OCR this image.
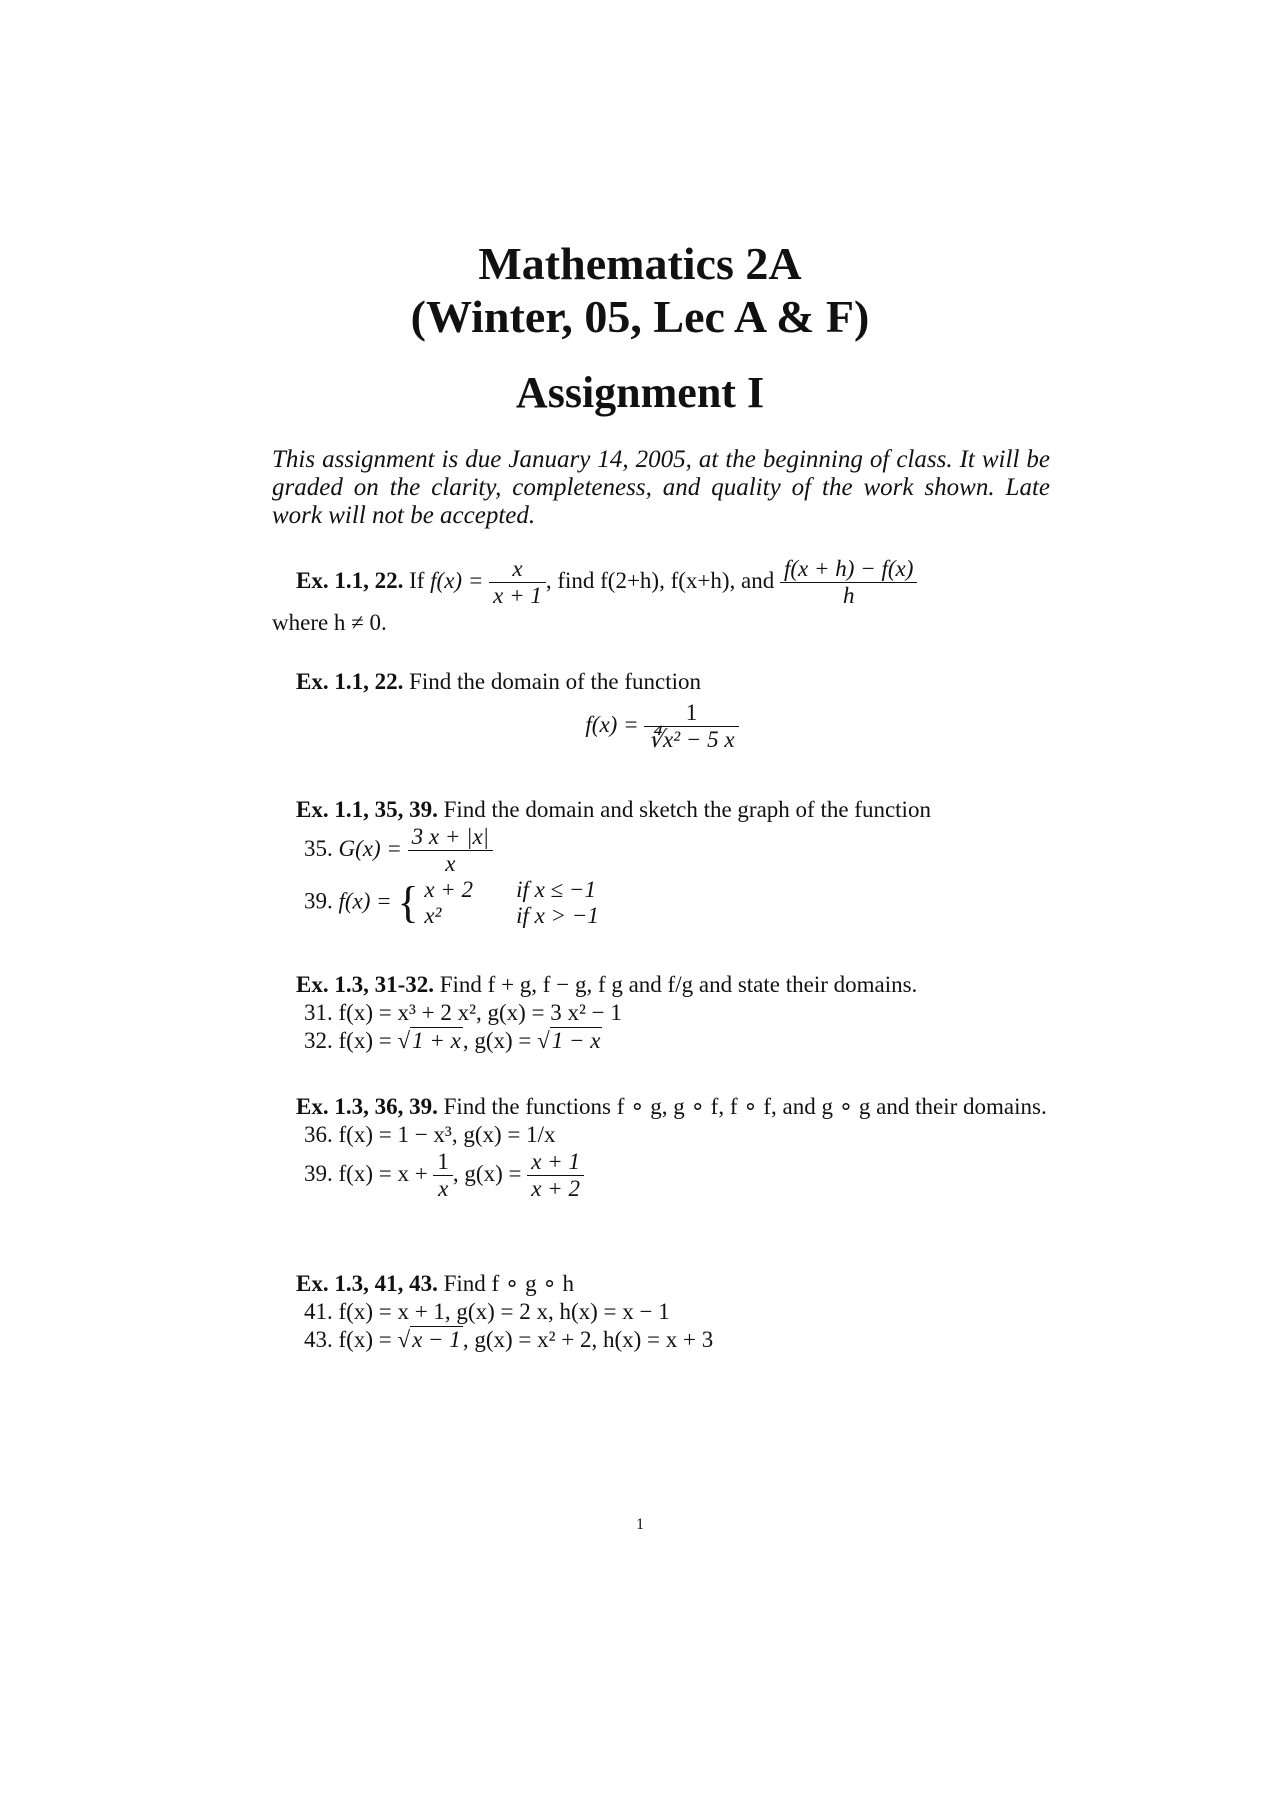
Mathematics 2A
(Winter, 05, Lec A & F)
Assignment I
This assignment is due January 14, 2005, at the beginning of class. It will be graded on the clarity, completeness, and quality of the work shown. Late work will not be accepted.
Ex. 1.1, 22. If $f(x) = \frac{x}{x + 1}$ , find f(2+h), f(x+h), and $\frac{f(x + h) - f(x)}{h}$
where h ≠ 0.
Ex. 1.1, 22. Find the domain of the function
$f(x) = \frac{1}{\text{∜x² − 5 x}}$
Ex. 1.1, 35, 39. Find the domain and sketch the graph of the function
35. $G(x) = \frac{3 x + |x|}{x}$
39. f(x) = { x + 2 if x ≤ −1
x²	if x > −1
Ex. 1.3, 31-32. Find f + g, f − g, f g and f/g and state their domains.
31. f(x) = x³ + 2 x², g(x) = 3 x² − 1
32. f(x) = √1 + x, g(x) = √1 − x
Ex. 1.3, 36, 39. Find the functions f ∘ g, g ∘ f, f ∘ f, and g ∘ g and their domains.
36. f(x) = 1 − x³, g(x) = 1/x
39. $f(x) = x + \frac{1}{x}$ , $g(x) = \frac{x + 1}{x + 2}$
Ex. 1.3, 41, 43. Find f ∘ g ∘ h
41. f(x) = x + 1, g(x) = 2 x, h(x) = x − 1
43. f(x) = √x − 1, g(x) = x² + 2, h(x) = x + 3
1
